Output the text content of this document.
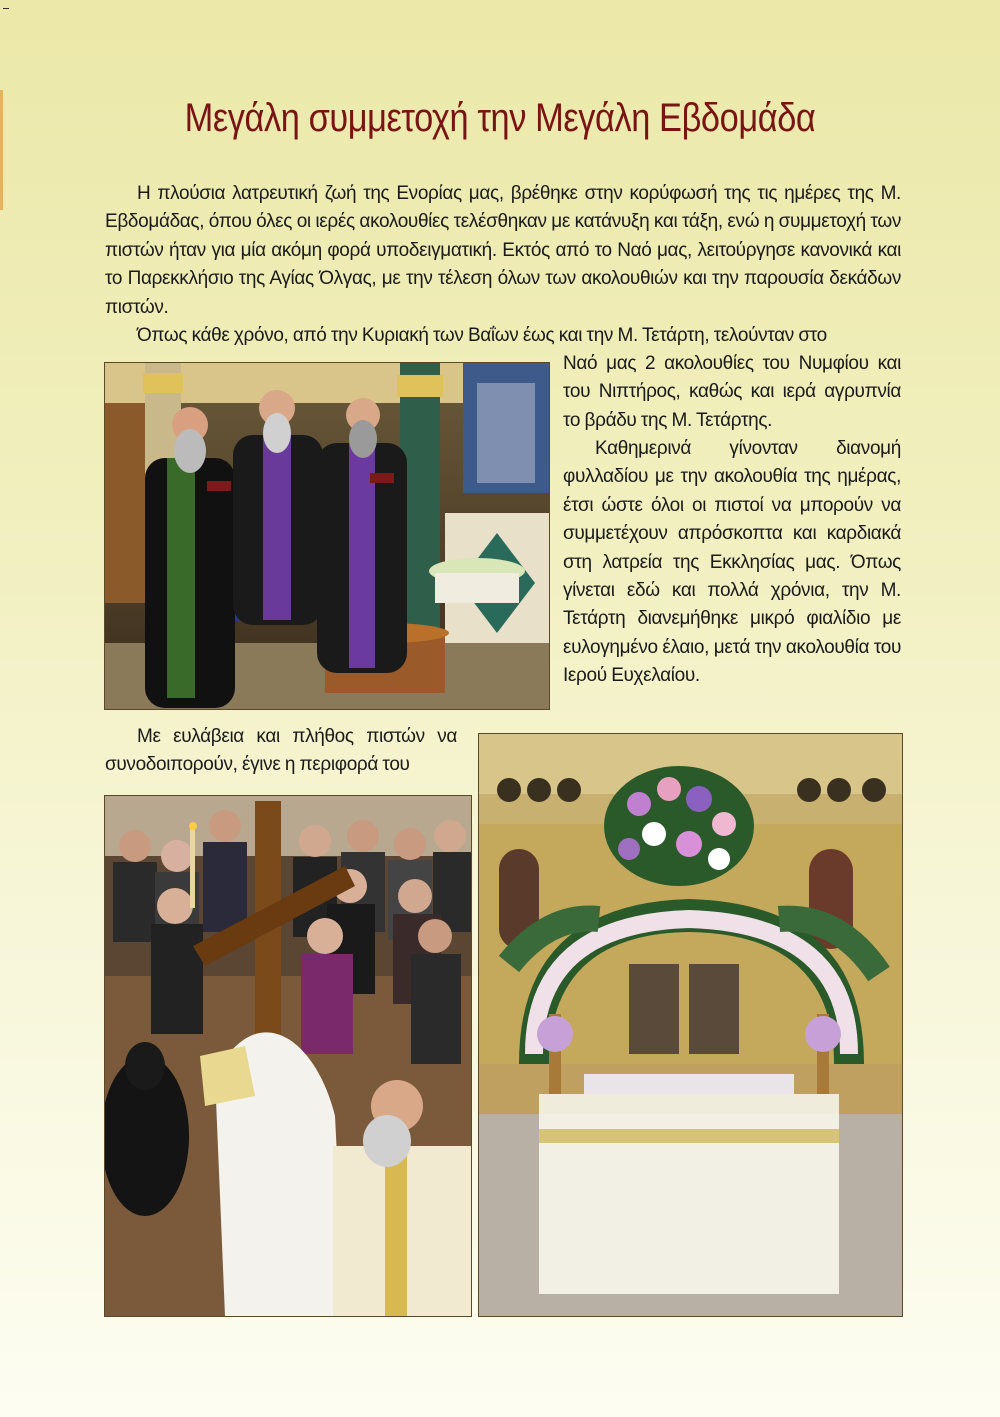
Μεγάλη συμμετοχή την Μεγάλη Εβδομάδα
Η πλούσια λατρευτική ζωή της Ενορίας μας, βρέθηκε στην κορύφωσή της τις ημέρες της Μ. Εβδομάδας, όπου όλες οι ιερές ακολουθίες τελέσθηκαν με κατάνυξη και τάξη, ενώ η συμμετοχή των πιστών ήταν για μία ακόμη φορά υποδειγματική. Εκτός από το Ναό μας, λειτούργησε κανονικά και το Παρεκκλήσιο της Αγίας Όλγας, με την τέλεση όλων των ακολουθιών και την παρουσία δεκάδων πιστών.
Όπως κάθε χρόνο, από την Κυριακή των Βαΐων έως και την Μ. Τετάρτη, τελούνταν στο
Ναό μας 2 ακολουθίες του Νυμφίου και του Νιπτήρος, καθώς και ιερά αγρυπνία το βράδυ της Μ. Τετάρτης.
Καθημερινά γίνονταν διανομή φυλλαδίου με την ακολουθία της ημέρας, έτσι ώστε όλοι οι πιστοί να μπορούν να συμμετέχουν απρόσκοπτα και καρδιακά στη λατρεία της Εκκλησίας μας. Όπως γίνεται εδώ και πολλά χρόνια, την Μ. Τετάρτη διανεμήθηκε μικρό φιαλίδιο με ευλογημένο έλαιο, μετά την ακολουθία του Ιερού Ευχελαίου.
Με ευλάβεια και πλήθος πιστών να συνοδοιπορούν, έγινε η περιφορά του
